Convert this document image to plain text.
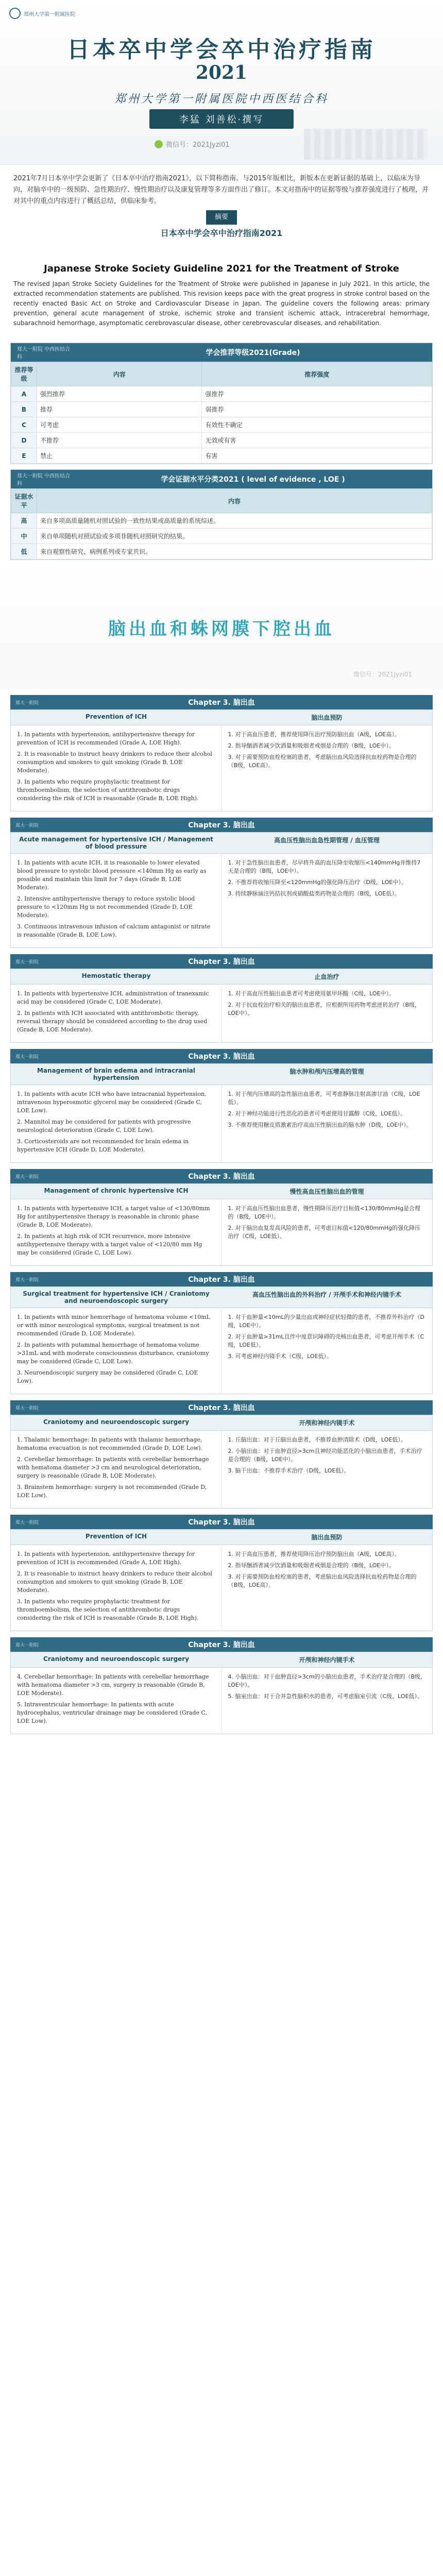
郑州大学第一附属医院
日本卒中学会卒中治疗指南
2021
郑州大学第一附属医院中西医结合科
李猛 刘善松·撰写
微信号：2021Jyzi01

2021年7月日本卒中学会更新了《日本卒中治疗指南2021》，以下简称指南。与2015年版相比，新版本在更新证据的基础上，以临床为导向，对脑卒中的一级预防、急性期治疗、慢性期治疗以及康复管理等多方面作出了修订。本文对指南中的证据等级与推荐强度进行了梳理，并对其中的重点内容进行了概括总结，供临床参考。

摘要
日本卒中学会卒中治疗指南2021
Japanese Stroke Society Guideline 2021 for the Treatment of Stroke
The revised Japan Stroke Society Guidelines for the Treatment of Stroke were published in Japanese in July 2021. In this article, the extracted recommendation statements are published. This revision keeps pace with the great progress in stroke control based on the recently enacted Basic Act on Stroke and Cardiovascular Disease in Japan. The guideline covers the following areas: primary prevention, general acute management of stroke, ischemic stroke and transient ischemic attack, intracerebral hemorrhage, subarachnoid hemorrhage, asymptomatic cerebrovascular disease, other cerebrovascular diseases, and rehabilitation.
郑大一附院 中西医结合科
学会推荐等级2021(Grade)
推荐等级	内容	推荐强度
A	强烈推荐	强推荐
B	推荐	弱推荐
C	可考虑	有效性不确定
D	不推荐	无效或有害
E	禁止	有害
郑大一附院 中西医结合科
学会证据水平分类2021 ( level of evidence , LOE )
证据水平	内容
高	来自多项高质量随机对照试验的一致性结果或高质量的系统综述。
中	来自单项随机对照试验或多项非随机对照研究的结果。
低	来自观察性研究、病例系列或专家共识。
脑出血和蛛网膜下腔出血
微信号：2021Jyzi01
郑大一附院	Chapter 3. 脑出血
Prevention of ICH	脑出血预防

1. In patients with hypertension, antihypertensive therapy for prevention of ICH is recommended (Grade A, LOE High).

2. It is reasonable to instruct heavy drinkers to reduce their alcohol consumption and smokers to quit smoking (Grade B, LOE Moderate).

3. In patients who require prophylactic treatment for thromboembolism, the selection of antithrombotic drugs considering the risk of ICH is reasonable (Grade B, LOE High).

1. 对于高血压患者，推荐使用降压治疗预防脑出血（A级，LOE高）。

2. 指导酗酒者减少饮酒量和吸烟者戒烟是合理的（B级，LOE中）。

3. 对于需要预防血栓栓塞的患者，考虑脑出血风险选择抗血栓药物是合理的（B级，LOE高）。

郑大一附院	Chapter 3. 脑出血
Acute management for hypertensive ICH / Management of blood pressure
高血压性脑出血急性期管理 / 血压管理

1. In patients with acute ICH, it is reasonable to lower elevated blood pressure to systolic blood pressure <140mm Hg as early as possible and maintain this limit for 7 days (Grade B, LOE Moderate).

2. Intensive antihypertensive therapy to reduce systolic blood pressure to <120mm Hg is not recommended (Grade D, LOE Moderate).

3. Continuous intravenous infusion of calcium antagonist or nitrate is reasonable (Grade B, LOE Low).

1. 对于急性脑出血患者，尽早将升高的血压降至收缩压<140mmHg并维持7天是合理的（B级，LOE中）。

2. 不推荐将收缩压降至<120mmHg的强化降压治疗（D级，LOE中）。

3. 持续静脉滴注钙拮抗剂或硝酸盐类药物是合理的（B级，LOE低）。

郑大一附院	Chapter 3. 脑出血
Hemostatic therapy	止血治疗

1. In patients with hypertensive ICH, administration of tranexamic acid may be considered (Grade C, LOE Moderate).

2. In patients with ICH associated with antithrombotic therapy, reversal therapy should be considered according to the drug used (Grade B, LOE Moderate).

1. 对于高血压性脑出血患者可考虑使用氨甲环酸（C级，LOE中）。

2. 对于抗血栓治疗相关的脑出血患者，应根据所用药物考虑逆转治疗（B级，LOE中）。

郑大一附院	Chapter 3. 脑出血
Management of brain edema and intracranial hypertension
脑水肿和颅内压增高的管理

1. In patients with acute ICH who have intracranial hypertension, intravenous hyperosmotic glycerol may be considered (Grade C, LOE Low).

2. Mannitol may be considered for patients with progressive neurological deterioration (Grade C, LOE Low).

3. Corticosteroids are not recommended for brain edema in hypertensive ICH (Grade D, LOE Moderate).

1. 对于颅内压增高的急性脑出血患者，可考虑静脉注射高渗甘油（C级，LOE低）。

2. 对于神经功能进行性恶化的患者可考虑使用甘露醇（C级，LOE低）。

3. 不推荐使用糖皮质激素治疗高血压性脑出血的脑水肿（D级，LOE中）。

郑大一附院	Chapter 3. 脑出血
Management of chronic hypertensive ICH	慢性高血压性脑出血的管理

1. In patients with hypertensive ICH, a target value of <130/80mm Hg for antihypertensive therapy is reasonable in chronic phase (Grade B, LOE Moderate).

2. In patients at high risk of ICH recurrence, more intensive antihypertensive therapy with a target value of <120/80 mm Hg may be considered (Grade C, LOE Low).

1. 对于高血压性脑出血患者，慢性期降压治疗目标值<130/80mmHg是合理的（B级，LOE中）。

2. 对于脑出血复发高风险的患者，可考虑目标值<120/80mmHg的强化降压治疗（C级，LOE低）。

郑大一附院	Chapter 3. 脑出血
Surgical treatment for hypertensive ICH / Craniotomy and neuroendoscopic surgery
高血压性脑出血的外科治疗 / 开颅手术和神经内镜手术

1. In patients with minor hemorrhage of hematoma volume <10mL or with minor neurological symptoms, surgical treatment is not recommended (Grade D, LOE Moderate).

2. In patients with putaminal hemorrhage of hematoma volume >31mL and with moderate consciousness disturbance, craniotomy may be considered (Grade C, LOE Low).

3. Neuroendoscopic surgery may be considered (Grade C, LOE Low).

1. 对于血肿量<10mL的少量出血或神经症状轻微的患者，不推荐外科治疗（D级，LOE中）。

2. 对于血肿量>31mL且伴中度意识障碍的壳核出血患者，可考虑开颅手术（C级，LOE低）。

3. 可考虑神经内镜手术（C级，LOE低）。

郑大一附院	Chapter 3. 脑出血
Craniotomy and neuroendoscopic surgery	开颅和神经内镜手术

1. Thalamic hemorrhage: In patients with thalamic hemorrhage, hematoma evacuation is not recommended (Grade D, LOE Low).

2. Cerebellar hemorrhage: In patients with cerebellar hemorrhage with hematoma diameter >3 cm and neurological deterioration, surgery is reasonable (Grade B, LOE Moderate).

3. Brainstem hemorrhage: surgery is not recommended (Grade D, LOE Low).

1. 丘脑出血：对于丘脑出血患者，不推荐血肿清除术（D级，LOE低）。

2. 小脑出血：对于血肿直径>3cm且神经功能恶化的小脑出血患者，手术治疗是合理的（B级，LOE中）。

3. 脑干出血：不推荐手术治疗（D级，LOE低）。

郑大一附院	Chapter 3. 脑出血
Prevention of ICH	脑出血预防

1. In patients with hypertension, antihypertensive therapy for prevention of ICH is recommended (Grade A, LOE High).

2. It is reasonable to instruct heavy drinkers to reduce their alcohol consumption and smokers to quit smoking (Grade B, LOE Moderate).

3. In patients who require prophylactic treatment for thromboembolism, the selection of antithrombotic drugs considering the risk of ICH is reasonable (Grade B, LOE High).

1. 对于高血压患者，推荐使用降压治疗预防脑出血（A级，LOE高）。

2. 指导酗酒者减少饮酒量和吸烟者戒烟是合理的（B级，LOE中）。

3. 对于需要预防血栓栓塞的患者，考虑脑出血风险选择抗血栓药物是合理的（B级，LOE高）。

郑大一附院	Chapter 3. 脑出血
Craniotomy and neuroendoscopic surgery	开颅和神经内镜手术

4. Cerebellar hemorrhage: In patients with cerebellar hemorrhage with hematoma diameter >3 cm, surgery is reasonable (Grade B, LOE Moderate).

5. Intraventricular hemorrhage: In patients with acute hydrocephalus, ventricular drainage may be considered (Grade C, LOE Low).

4. 小脑出血：对于血肿直径>3cm的小脑出血患者，手术治疗是合理的（B级，LOE中）。

5. 脑室出血：对于合并急性脑积水的患者，可考虑脑室引流（C级，LOE低）。
